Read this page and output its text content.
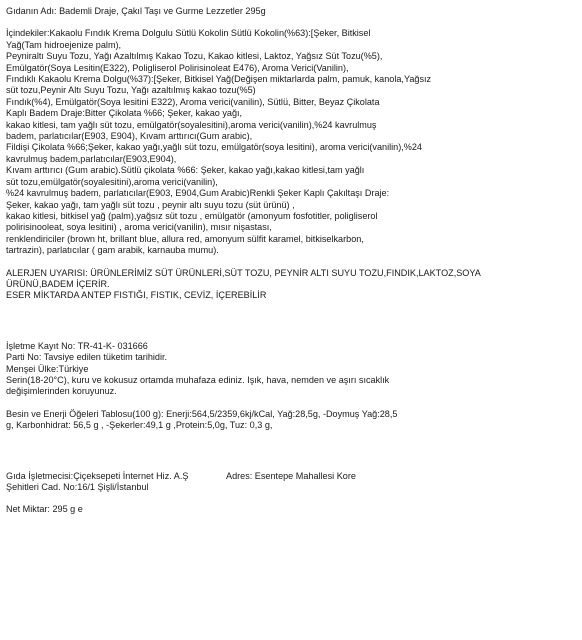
Gıdanın Adı: Bademli Draje, Çakıl Taşı ve Gurme Lezzetler 295g
İçindekiler:Kakaolu Fındık Krema Dolgulu Sütlü Kokolin Sütlü Kokolin(%63):[Şeker, Bitkisel
Yağ(Tam hidroejenize palm),
Peyniraltı Suyu Tozu, Yağı Azaltılmış Kakao Tozu, Kakao kitlesi, Laktoz, Yağsız Süt Tozu(%5),
Emülgatör(Soya Lesitin(E322), Poligliserol Polirisinoleat E476), Aroma Verici(Vanilin),
Fındıklı Kakaolu Krema Dolgu(%37):[Şeker, Bitkisel Yağ(Değişen miktarlarda palm, pamuk, kanola,Yağsız
süt tozu,Peynir Altı Suyu Tozu, Yağı azaltılmış kakao tozu(%5)
Fındık(%4), Emülgatör(Soya lesitini E322), Aroma verici(vanilin), Sütlü, Bitter, Beyaz Çikolata
Kaplı Badem Draje:Bitter Çikolata %66; Şeker, kakao yağı,
kakao kitlesi, tam yağlı süt tozu, emülgatör(soyalesitini),aroma verici(vanilin),%24 kavrulmuş
badem, parlatıcılar(E903, E904), Kıvam arttırıcı(Gum arabic),
Fildişi Çikolata %66;Şeker, kakao yağı,yağlı süt tozu, emülgatör(soya lesitini), aroma verici(vanilin),%24
kavrulmuş badem,parlatıcılar(E903,E904),
Kıvam arttırıcı (Gum arabic).Sütlü çikolata %66: Şeker, kakao yağı,kakao kitlesi,tam yağlı
süt tozu,emülgatör(soyalesitini),aroma verici(vanilin),
%24 kavrulmuş badem, parlatıcılar(E903, E904,Gum Arabic)Renkli Şeker Kaplı Çakıltaşı Draje:
Şeker, kakao yağı, tam yağlı süt tozu , peynir altı suyu tozu (süt ürünü) ,
kakao kitlesi, bitkisel yağ (palm),yağsız süt tozu , emülgatör (amonyum fosfotitler, poligliserol
polirisinooleat, soya lesitini) , aroma verici(vanilin), mısır nişastası,
renklendiriciler (brown ht, brillant blue, allura red, amonyum sülfit karamel, bitkiselkarbon,
tartrazin), parlatıcılar ( gam arabik, karnauba mumu).
ALERJEN UYARISI: ÜRÜNLERİMİZ SÜT ÜRÜNLERİ,SÜT TOZU, PEYNİR ALTI SUYU TOZU,FINDIK,LAKTOZ,SOYA
ÜRÜNÜ,BADEM İÇERİR.
ESER MİKTARDA ANTEP FISTIĞI, FISTIK, CEVİZ, İÇEREBİLİR
İşletme Kayıt No: TR-41-K- 031666
Parti No: Tavsiye edilen tüketim tarihidir.
Menşei Ülke:Türkiye
Serin(18-20°C), kuru ve kokusuz ortamda muhafaza ediniz. Işık, hava, nemden ve aşırı sıcaklık
değişimlerinden koruyunuz.
Besin ve Enerji Öğeleri Tablosu(100 g): Enerji:564,5/2359,6kj/kCal, Yağ:28,5g, -Doymuş Yağ:28,5
g, Karbonhidrat: 56,5 g , -Şekerler:49,1 g ,Protein:5,0g, Tuz: 0,3 g,
Gıda İşletmecisi:Çiçeksepeti İnternet Hiz. A.Ş	Adres: Esentepe Mahallesi Kore
Şehitleri Cad. No:16/1 Şişli/İstanbul
Net Miktar: 295 g e
